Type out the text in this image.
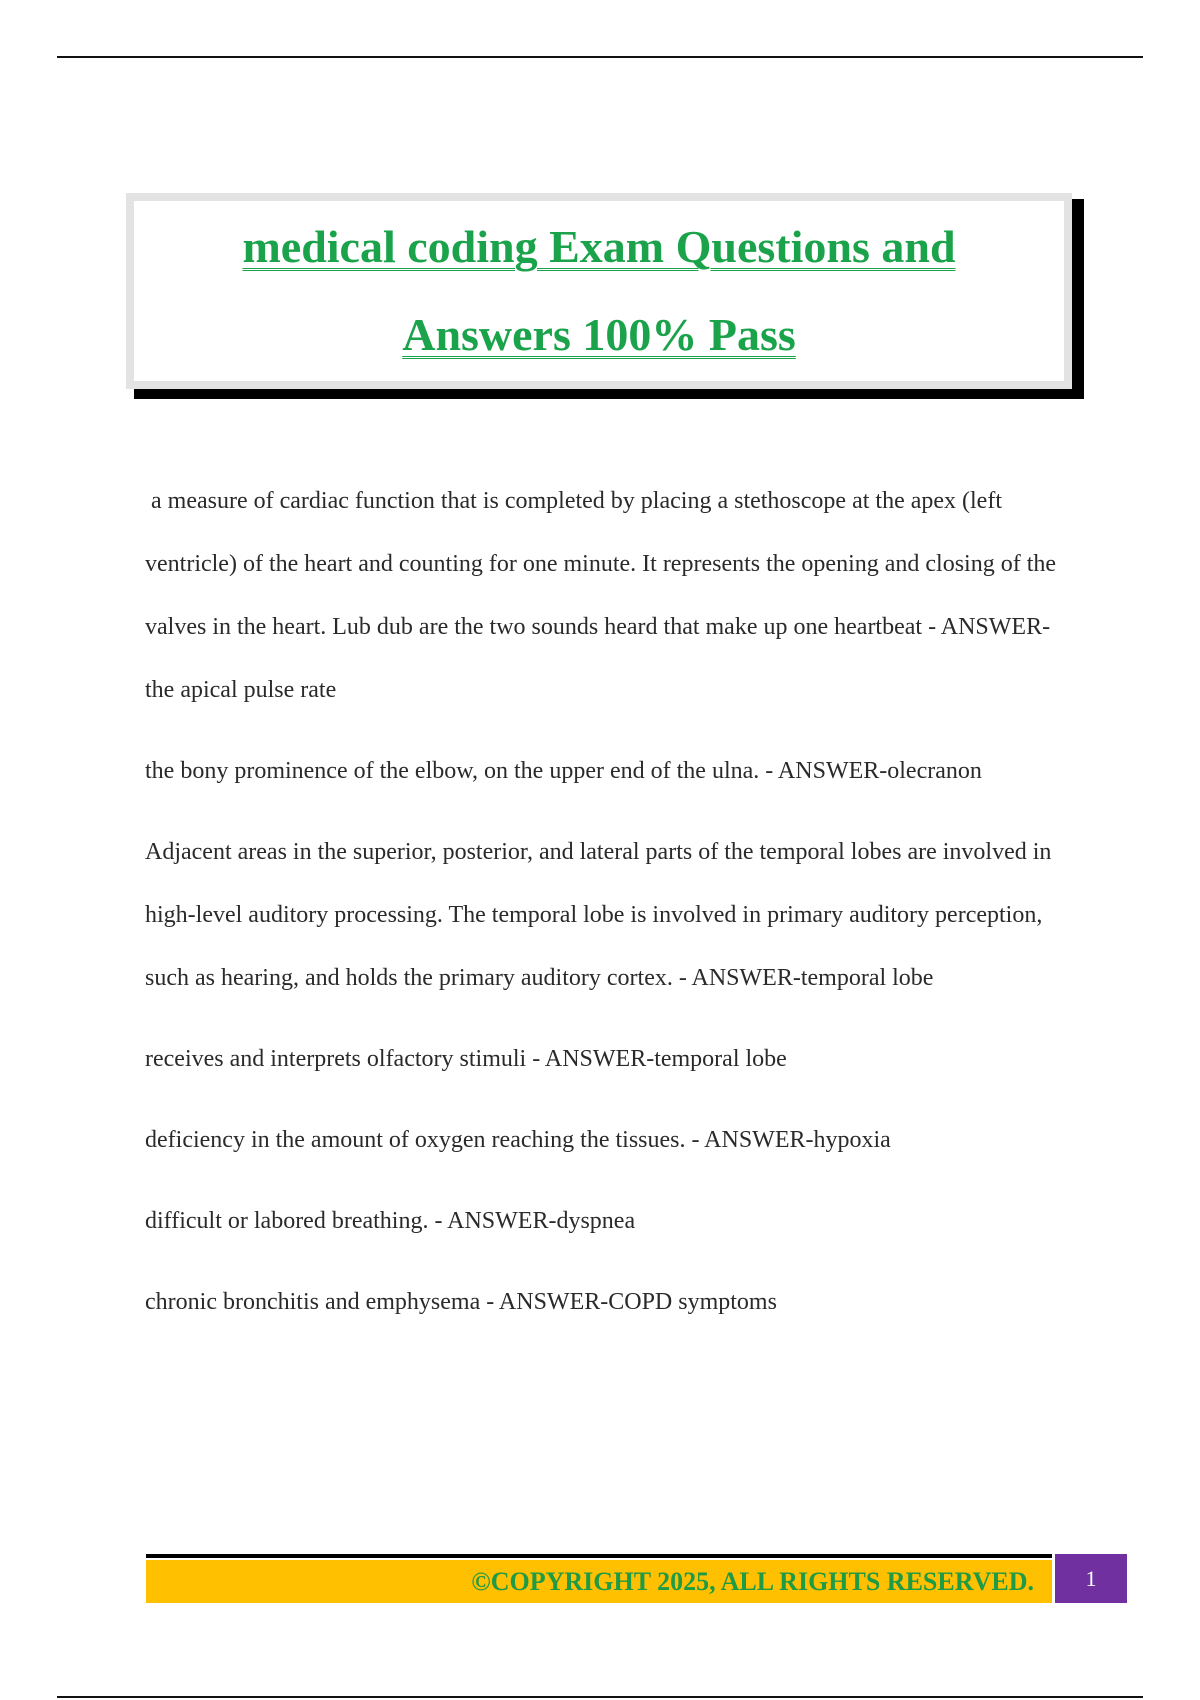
medical coding Exam Questions and
Answers 100% Pass

a measure of cardiac function that is completed by placing a stethoscope at the apex (left ventricle) of the heart and counting for one minute. It represents the opening and closing of the valves in the heart. Lub dub are the two sounds heard that make up one heartbeat - ANSWER-the apical pulse rate

the bony prominence of the elbow, on the upper end of the ulna. - ANSWER-olecranon

Adjacent areas in the superior, posterior, and lateral parts of the temporal lobes are involved in high-level auditory processing. The temporal lobe is involved in primary auditory perception, such as hearing, and holds the primary auditory cortex. - ANSWER-temporal lobe

receives and interprets olfactory stimuli - ANSWER-temporal lobe

deficiency in the amount of oxygen reaching the tissues. - ANSWER-hypoxia

difficult or labored breathing. - ANSWER-dyspnea

chronic bronchitis and emphysema - ANSWER-COPD symptoms

©COPYRIGHT 2025, ALL RIGHTS RESERVED.	1
